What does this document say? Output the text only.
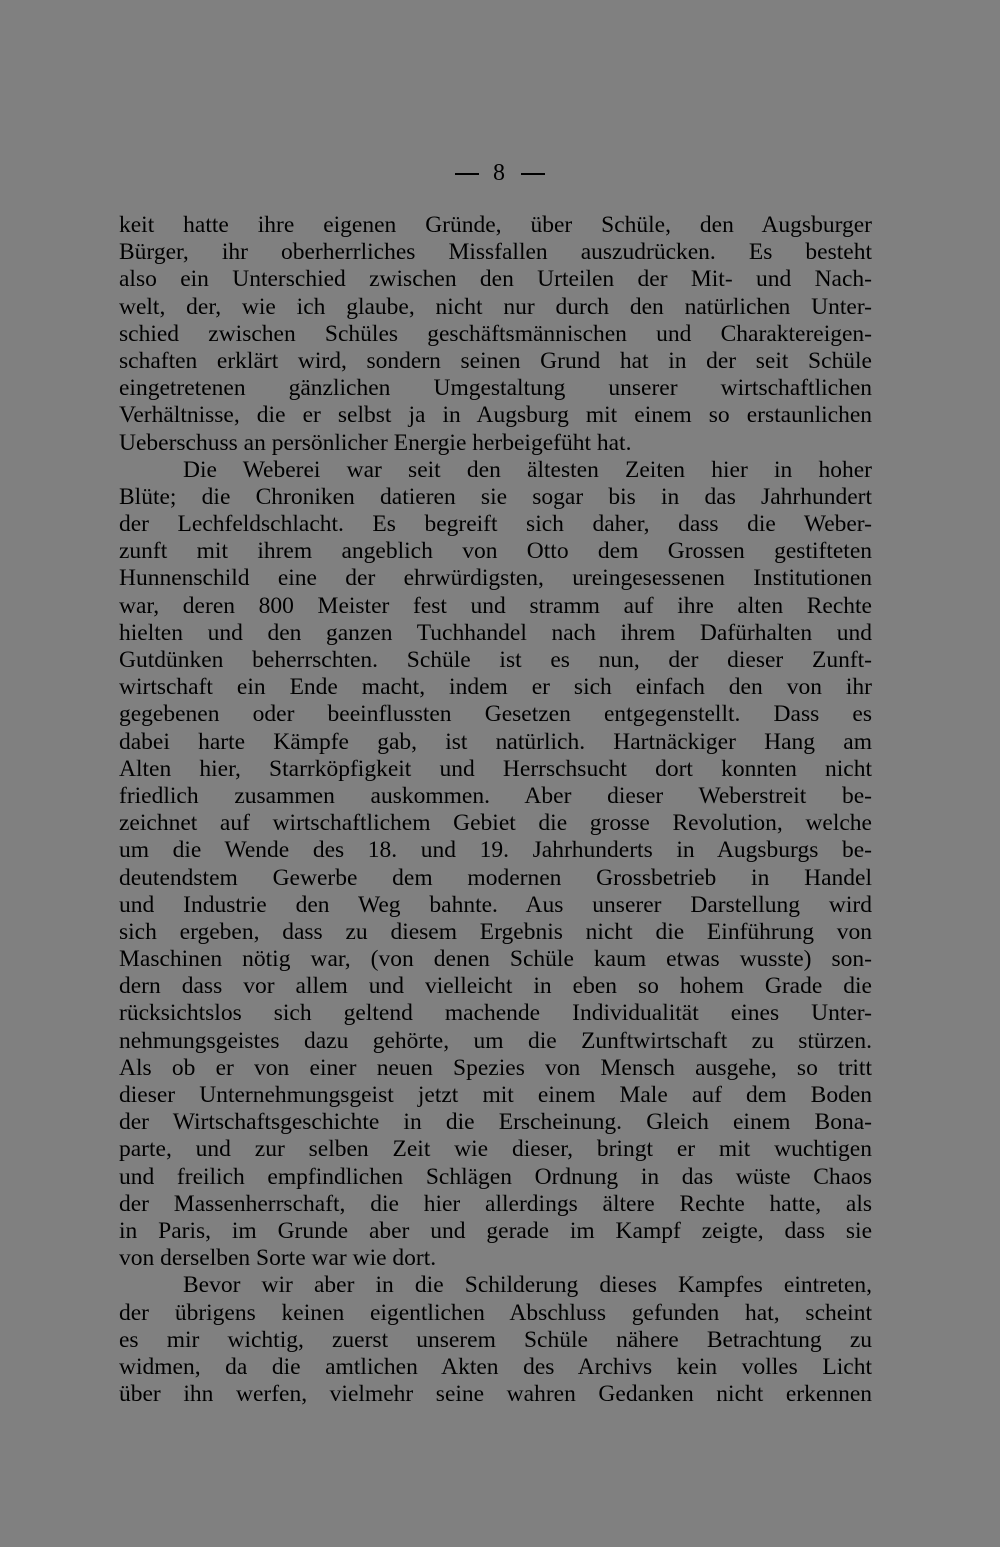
8
keit hatte ihre eigenen Gründe, über Schüle, den Augsburger
Bürger, ihr oberherrliches Missfallen auszudrücken. Es besteht
also ein Unterschied zwischen den Urteilen der Mit- und Nach-
welt, der, wie ich glaube, nicht nur durch den natürlichen Unter-
schied zwischen Schüles geschäftsmännischen und Charaktereigen-
schaften erklärt wird, sondern seinen Grund hat in der seit Schüle
eingetretenen gänzlichen Umgestaltung unserer wirtschaftlichen
Verhältnisse, die er selbst ja in Augsburg mit einem so erstaunlichen
Ueberschuss an persönlicher Energie herbeigefüht hat.
Die Weberei war seit den ältesten Zeiten hier in hoher
Blüte; die Chroniken datieren sie sogar bis in das Jahrhundert
der Lechfeldschlacht. Es begreift sich daher, dass die Weber-
zunft mit ihrem angeblich von Otto dem Grossen gestifteten
Hunnenschild eine der ehrwürdigsten, ureingesessenen Institutionen
war, deren 800 Meister fest und stramm auf ihre alten Rechte
hielten und den ganzen Tuchhandel nach ihrem Dafürhalten und
Gutdünken beherrschten. Schüle ist es nun, der dieser Zunft-
wirtschaft ein Ende macht, indem er sich einfach den von ihr
gegebenen oder beeinflussten Gesetzen entgegenstellt. Dass es
dabei harte Kämpfe gab, ist natürlich. Hartnäckiger Hang am
Alten hier, Starrköpfigkeit und Herrschsucht dort konnten nicht
friedlich zusammen auskommen. Aber dieser Weberstreit be-
zeichnet auf wirtschaftlichem Gebiet die grosse Revolution, welche
um die Wende des 18. und 19. Jahrhunderts in Augsburgs be-
deutendstem Gewerbe dem modernen Grossbetrieb in Handel
und Industrie den Weg bahnte. Aus unserer Darstellung wird
sich ergeben, dass zu diesem Ergebnis nicht die Einführung von
Maschinen nötig war, (von denen Schüle kaum etwas wusste) son-
dern dass vor allem und vielleicht in eben so hohem Grade die
rücksichtslos sich geltend machende Individualität eines Unter-
nehmungsgeistes dazu gehörte, um die Zunftwirtschaft zu stürzen.
Als ob er von einer neuen Spezies von Mensch ausgehe, so tritt
dieser Unternehmungsgeist jetzt mit einem Male auf dem Boden
der Wirtschaftsgeschichte in die Erscheinung. Gleich einem Bona-
parte, und zur selben Zeit wie dieser, bringt er mit wuchtigen
und freilich empfindlichen Schlägen Ordnung in das wüste Chaos
der Massenherrschaft, die hier allerdings ältere Rechte hatte, als
in Paris, im Grunde aber und gerade im Kampf zeigte, dass sie
von derselben Sorte war wie dort.
Bevor wir aber in die Schilderung dieses Kampfes eintreten,
der übrigens keinen eigentlichen Abschluss gefunden hat, scheint
es mir wichtig, zuerst unserem Schüle nähere Betrachtung zu
widmen, da die amtlichen Akten des Archivs kein volles Licht
über ihn werfen, vielmehr seine wahren Gedanken nicht erkennen
